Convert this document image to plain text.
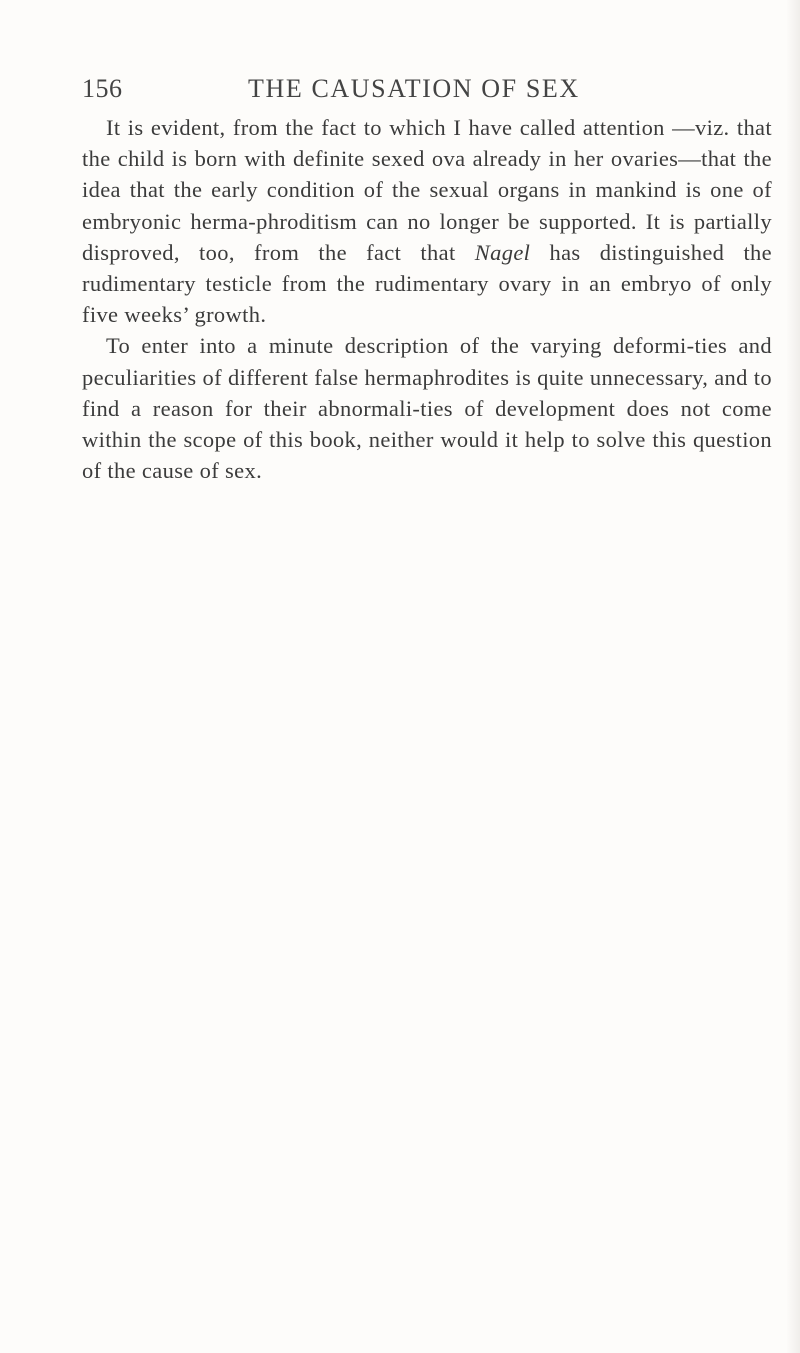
156	THE CAUSATION OF SEX

It is evident, from the fact to which I have called attention —viz. that the child is born with definite sexed ova already in her ovaries—that the idea that the early condition of the sexual organs in mankind is one of embryonic herma-phroditism can no longer be supported. It is partially disproved, too, from the fact that Nagel has distinguished the rudimentary testicle from the rudimentary ovary in an embryo of only five weeks’ growth.

To enter into a minute description of the varying deformi-ties and peculiarities of different false hermaphrodites is quite unnecessary, and to find a reason for their abnormali-ties of development does not come within the scope of this book, neither would it help to solve this question of the cause of sex.
